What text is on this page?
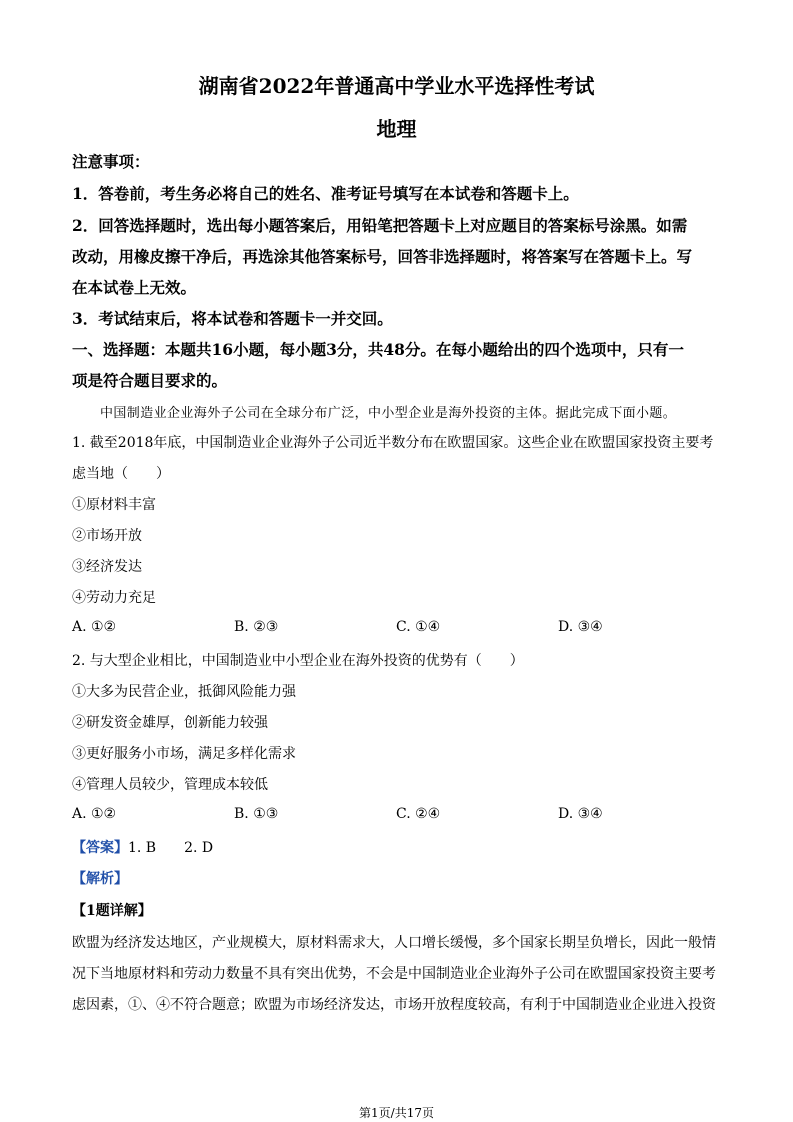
湖南省2022年普通高中学业水平选择性考试
地理
注意事项：
1．答卷前，考生务必将自己的姓名、准考证号填写在本试卷和答题卡上。
2．回答选择题时，选出每小题答案后，用铅笔把答题卡上对应题目的答案标号涂黑。如需
改动，用橡皮擦干净后，再选涂其他答案标号，回答非选择题时，将答案写在答题卡上。写
在本试卷上无效。
3．考试结束后，将本试卷和答题卡一并交回。
一、选择题：本题共16小题，每小题3分，共48分。在每小题给出的四个选项中，只有一
项是符合题目要求的。
中国制造业企业海外子公司在全球分布广泛，中小型企业是海外投资的主体。据此完成下面小题。
1. 截至2018年底，中国制造业企业海外子公司近半数分布在欧盟国家。这些企业在欧盟国家投资主要考
虑当地（　　）
①原材料丰富
②市场开放
③经济发达
④劳动力充足
A. ①②	B. ②③	C. ①④	D. ③④
2. 与大型企业相比，中国制造业中小型企业在海外投资的优势有（　　）
①大多为民营企业，抵御风险能力强
②研发资金雄厚，创新能力较强
③更好服务小市场，满足多样化需求
④管理人员较少，管理成本较低
A. ①②	B. ①③	C. ②④	D. ③④
【答案】1. B　　2. D
【解析】
【1题详解】
欧盟为经济发达地区，产业规模大，原材料需求大，人口增长缓慢，多个国家长期呈负增长，因此一般情
况下当地原材料和劳动力数量不具有突出优势，不会是中国制造业企业海外子公司在欧盟国家投资主要考
虑因素，①、④不符合题意；欧盟为市场经济发达，市场开放程度较高，有利于中国制造业企业进入投资
第1页/共17页
